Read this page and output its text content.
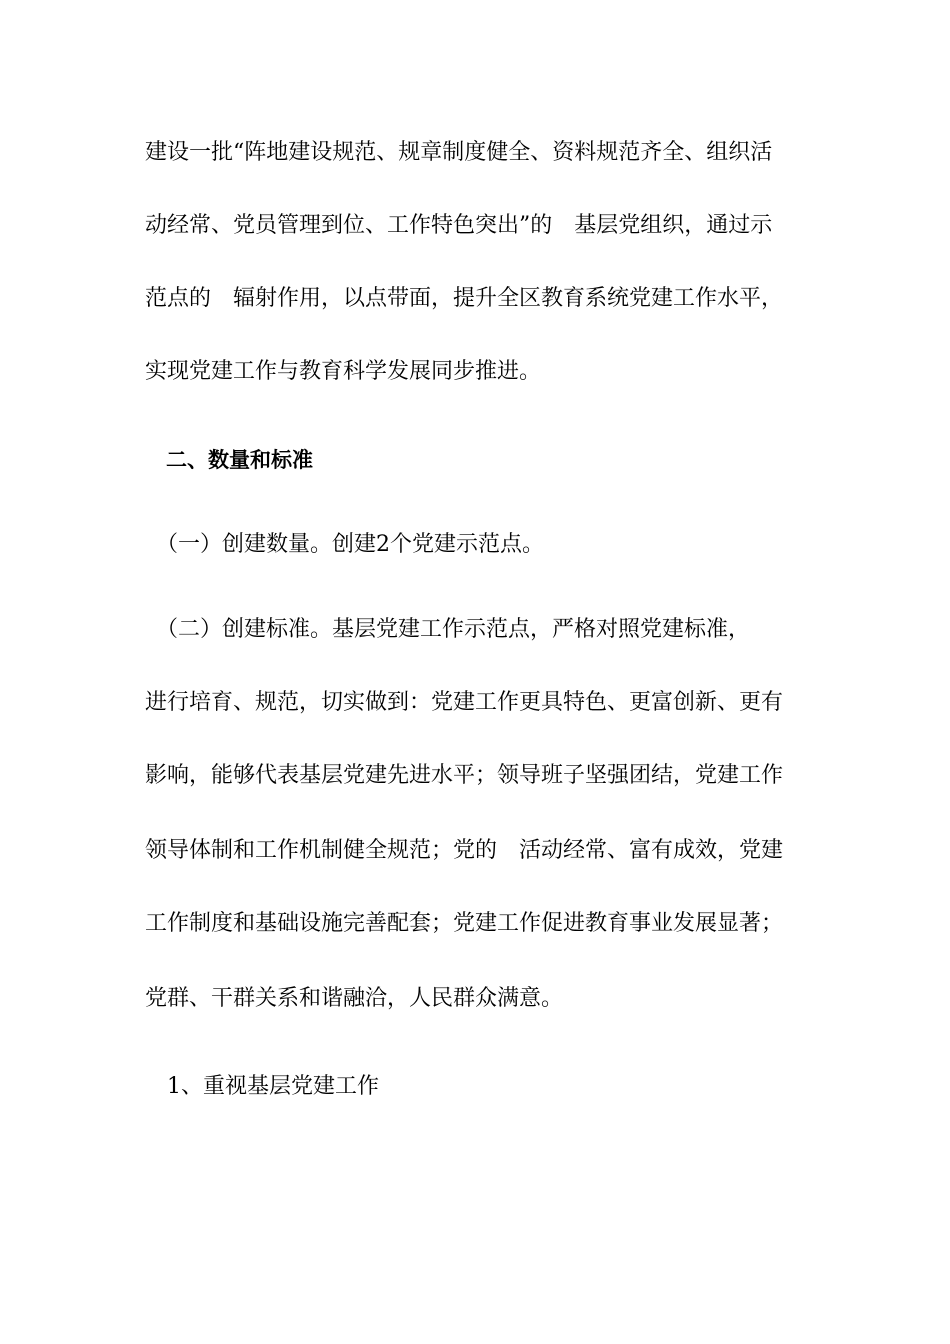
建设一批“阵地建设规范、规章制度健全、资料规范齐全、组织活
动经常、党员管理到位、工作特色突出”的　基层党组织，通过示
范点的　辐射作用，以点带面，提升全区教育系统党建工作水平，
实现党建工作与教育科学发展同步推进。
　二、数量和标准
　（一）创建数量。创建2个党建示范点。
　（二）创建标准。基层党建工作示范点，严格对照党建标准，
进行培育、规范，切实做到：党建工作更具特色、更富创新、更有
影响，能够代表基层党建先进水平；领导班子坚强团结，党建工作
领导体制和工作机制健全规范；党的　活动经常、富有成效，党建
工作制度和基础设施完善配套；党建工作促进教育事业发展显著；
党群、干群关系和谐融洽，人民群众满意。
　1、重视基层党建工作
